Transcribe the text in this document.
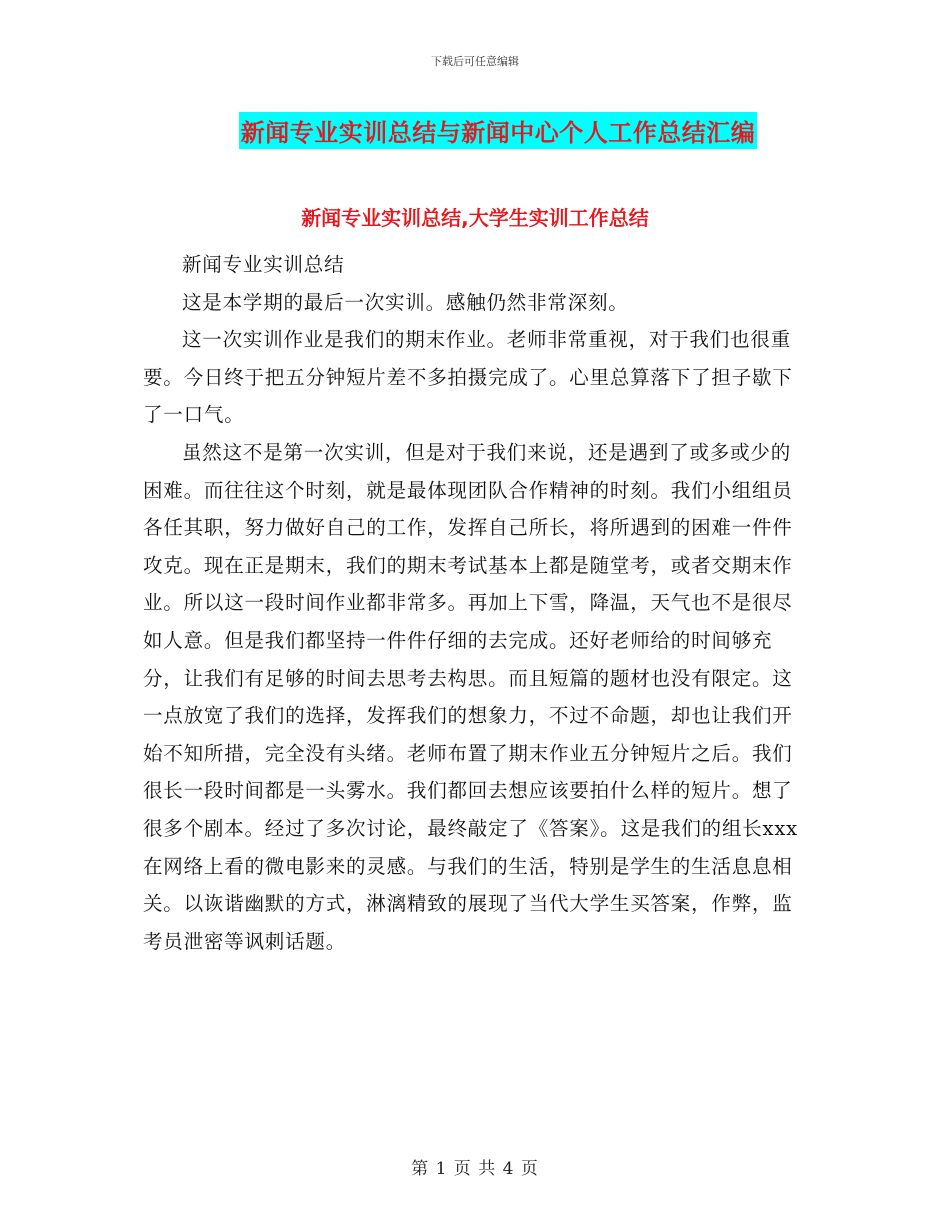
下载后可任意编辑
新闻专业实训总结与新闻中心个人工作总结汇编
新闻专业实训总结,大学生实训工作总结

新闻专业实训总结

这是本学期的最后一次实训。感触仍然非常深刻。

这一次实训作业是我们的期末作业。老师非常重视，对于我们也很重要。今日终于把五分钟短片差不多拍摄完成了。心里总算落下了担子歇下了一口气。

虽然这不是第一次实训，但是对于我们来说，还是遇到了或多或少的困难。而往往这个时刻，就是最体现团队合作精神的时刻。我们小组组员各任其职，努力做好自己的工作，发挥自己所长，将所遇到的困难一件件攻克。现在正是期末，我们的期末考试基本上都是随堂考，或者交期末作业。所以这一段时间作业都非常多。再加上下雪，降温，天气也不是很尽如人意。但是我们都坚持一件件仔细的去完成。还好老师给的时间够充分，让我们有足够的时间去思考去构思。而且短篇的题材也没有限定。这一点放宽了我们的选择，发挥我们的想象力，不过不命题，却也让我们开始不知所措，完全没有头绪。老师布置了期末作业五分钟短片之后。我们很长一段时间都是一头雾水。我们都回去想应该要拍什么样的短片。想了很多个剧本。经过了多次讨论，最终敲定了《答案》。这是我们的组长xxx在网络上看的微电影来的灵感。与我们的生活，特别是学生的生活息息相关。以诙谐幽默的方式，淋漓精致的展现了当代大学生买答案，作弊，监考员泄密等讽刺话题。

第 1 页 共 4 页
